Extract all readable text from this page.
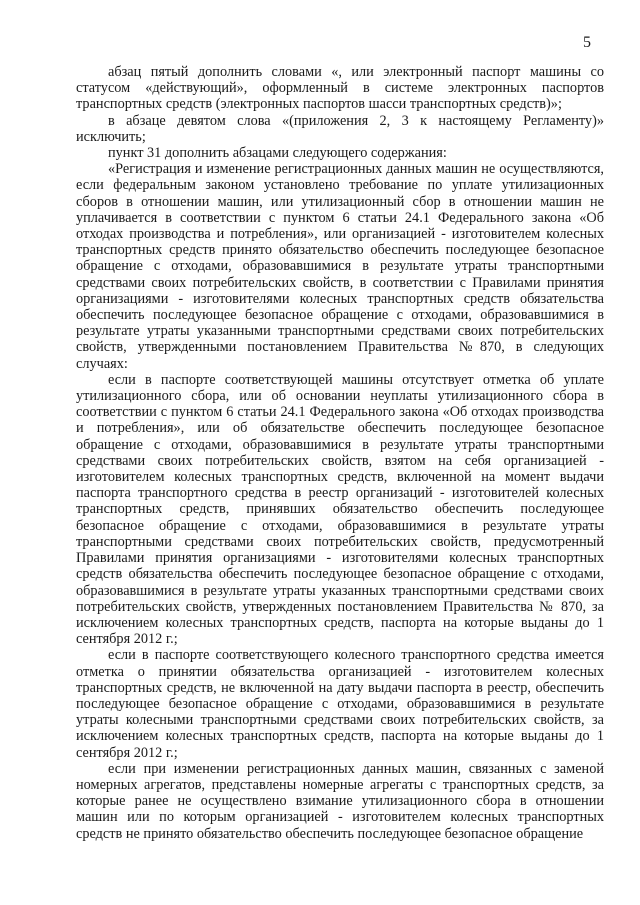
5

абзац пятый дополнить словами «, или электронный паспорт машины со статусом «действующий», оформленный в системе электронных паспортов транспортных средств (электронных паспортов шасси транспортных средств)»;

в абзаце девятом слова «(приложения 2, 3 к настоящему Регламенту)» исключить;

пункт 31 дополнить абзацами следующего содержания:

«Регистрация и изменение регистрационных данных машин не осуществляются, если федеральным законом установлено требование по уплате утилизационных сборов в отношении машин, или утилизационный сбор в отношении машин не уплачивается в соответствии с пунктом 6 статьи 24.1 Федерального закона «Об отходах производства и потребления», или организацией - изготовителем колесных транспортных средств принято обязательство обеспечить последующее безопасное обращение с отходами, образовавшимися в результате утраты транспортными средствами своих потребительских свойств, в соответствии с Правилами принятия организациями - изготовителями колесных транспортных средств обязательства обеспечить последующее безопасное обращение с отходами, образовавшимися в результате утраты указанными транспортными средствами своих потребительских свойств, утвержденными постановлением Правительства №870, в следующих случаях:

если в паспорте соответствующей машины отсутствует отметка об уплате утилизационного сбора, или об основании неуплаты утилизационного сбора в соответствии с пунктом 6 статьи 24.1 Федерального закона «Об отходах производства и потребления», или об обязательстве обеспечить последующее безопасное обращение с отходами, образовавшимися в результате утраты транспортными средствами своих потребительских свойств, взятом на себя организацией - изготовителем колесных транспортных средств, включенной на момент выдачи паспорта транспортного средства в реестр организаций - изготовителей колесных транспортных средств, принявших обязательство обеспечить последующее безопасное обращение с отходами, образовавшимися в результате утраты транспортными средствами своих потребительских свойств, предусмотренный Правилами принятия организациями - изготовителями колесных транспортных средств обязательства обеспечить последующее безопасное обращение с отходами, образовавшимися в результате утраты указанных транспортными средствами своих потребительских свойств, утвержденных постановлением Правительства № 870, за исключением колесных транспортных средств, паспорта на которые выданы до 1 сентября 2012 г.;

если в паспорте соответствующего колесного транспортного средства имеется отметка о принятии обязательства организацией - изготовителем колесных транспортных средств, не включенной на дату выдачи паспорта в реестр, обеспечить последующее безопасное обращение с отходами, образовавшимися в результате утраты колесными транспортными средствами своих потребительских свойств, за исключением колесных транспортных средств, паспорта на которые выданы до 1 сентября 2012 г.;

если при изменении регистрационных данных машин, связанных с заменой номерных агрегатов, представлены номерные агрегаты с транспортных средств, за которые ранее не осуществлено взимание утилизационного сбора в отношении машин или по которым организацией - изготовителем колесных транспортных средств не принято обязательство обеспечить последующее безопасное обращение
